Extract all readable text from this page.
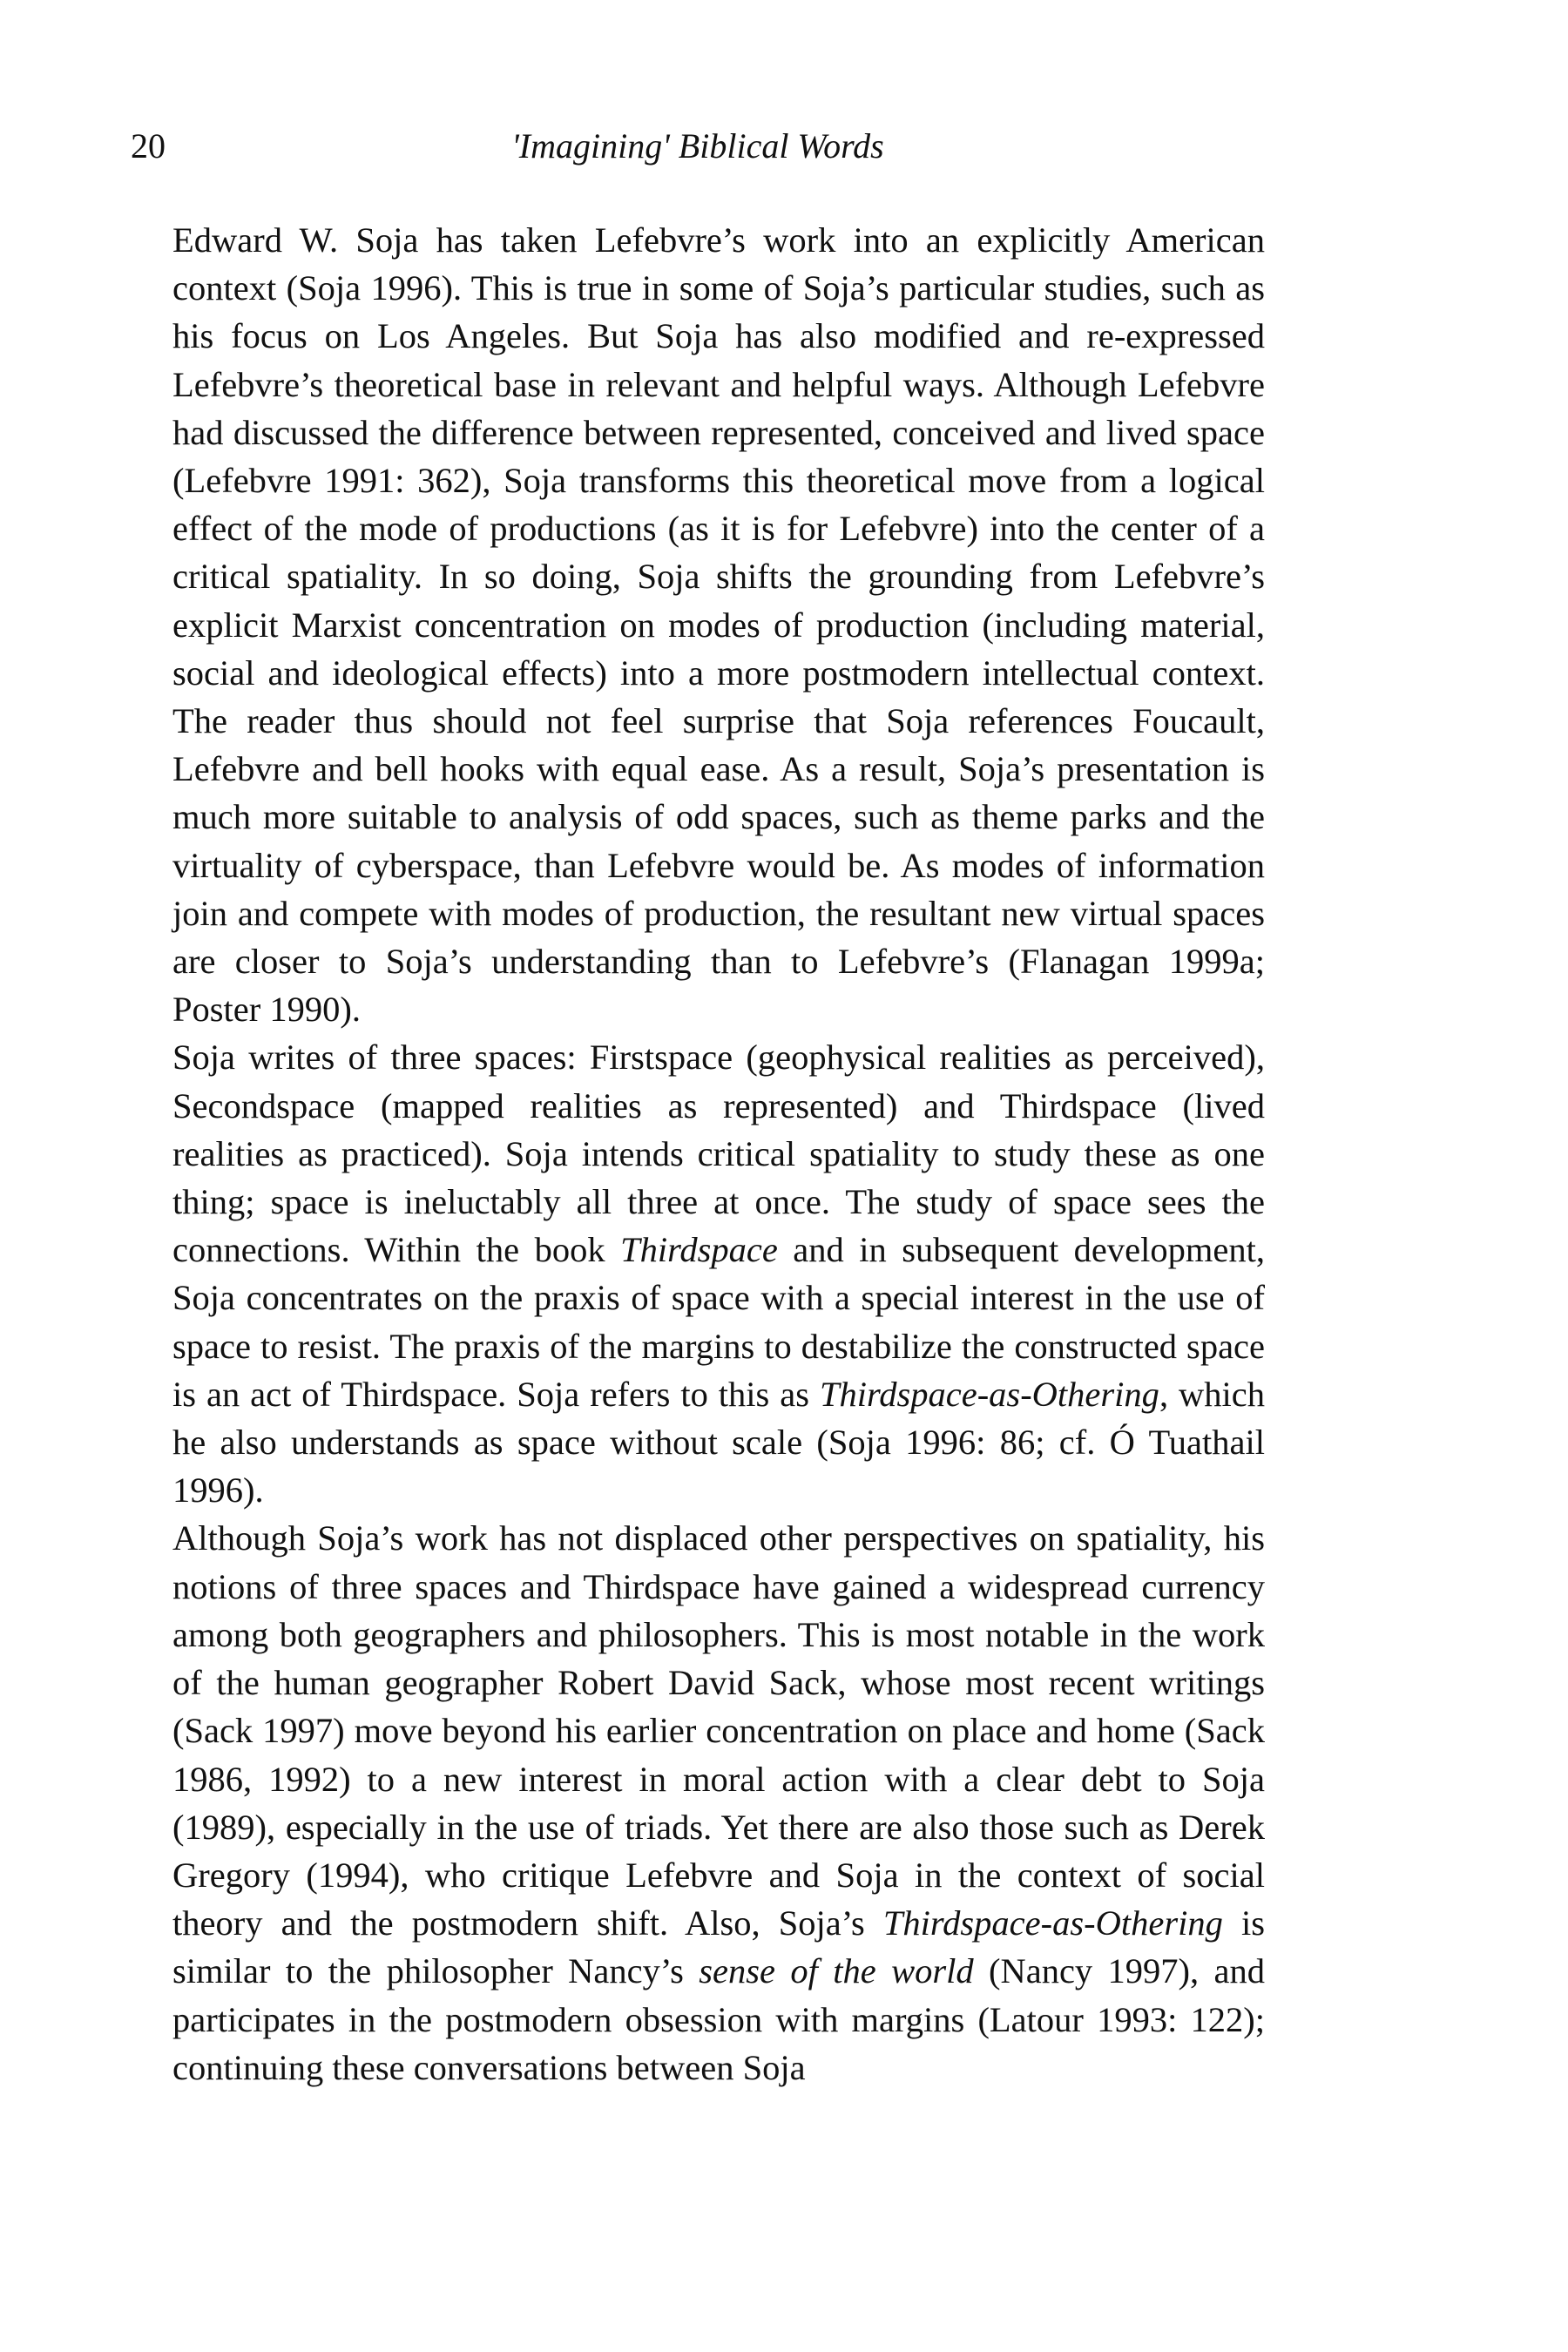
20	'Imagining' Biblical Words

Edward W. Soja has taken Lefebvre’s work into an explicitly American context (Soja 1996). This is true in some of Soja’s particular studies, such as his focus on Los Angeles. But Soja has also modified and re-expressed Lefebvre’s theoretical base in relevant and helpful ways. Although Lefebvre had discussed the difference between represented, conceived and lived space (Lefebvre 1991: 362), Soja transforms this theoretical move from a logical effect of the mode of productions (as it is for Lefebvre) into the center of a critical spatiality. In so doing, Soja shifts the grounding from Lefebvre’s explicit Marxist concentration on modes of production (including material, social and ideological effects) into a more postmodern intellectual context. The reader thus should not feel surprise that Soja references Foucault, Lefebvre and bell hooks with equal ease. As a result, Soja’s presentation is much more suitable to analysis of odd spaces, such as theme parks and the virtuality of cyberspace, than Lefebvre would be. As modes of information join and compete with modes of production, the resultant new virtual spaces are closer to Soja’s understanding than to Lefebvre’s (Flanagan 1999a; Poster 1990).

Soja writes of three spaces: Firstspace (geophysical realities as perceived), Secondspace (mapped realities as represented) and Thirdspace (lived realities as practiced). Soja intends critical spatiality to study these as one thing; space is ineluctably all three at once. The study of space sees the connections. Within the book Thirdspace and in subsequent development, Soja concentrates on the praxis of space with a special interest in the use of space to resist. The praxis of the margins to destabilize the constructed space is an act of Thirdspace. Soja refers to this as Thirdspace-as-Othering, which he also understands as space without scale (Soja 1996: 86; cf. Ó Tuathail 1996).

Although Soja’s work has not displaced other perspectives on spatiality, his notions of three spaces and Thirdspace have gained a widespread currency among both geographers and philosophers. This is most notable in the work of the human geographer Robert David Sack, whose most recent writings (Sack 1997) move beyond his earlier concentration on place and home (Sack 1986, 1992) to a new interest in moral action with a clear debt to Soja (1989), especially in the use of triads. Yet there are also those such as Derek Gregory (1994), who critique Lefebvre and Soja in the context of social theory and the postmodern shift. Also, Soja’s Thirdspace-as-Othering is similar to the philosopher Nancy’s sense of the world (Nancy 1997), and participates in the postmodern obsession with margins (Latour 1993: 122); continuing these conversations between Soja
